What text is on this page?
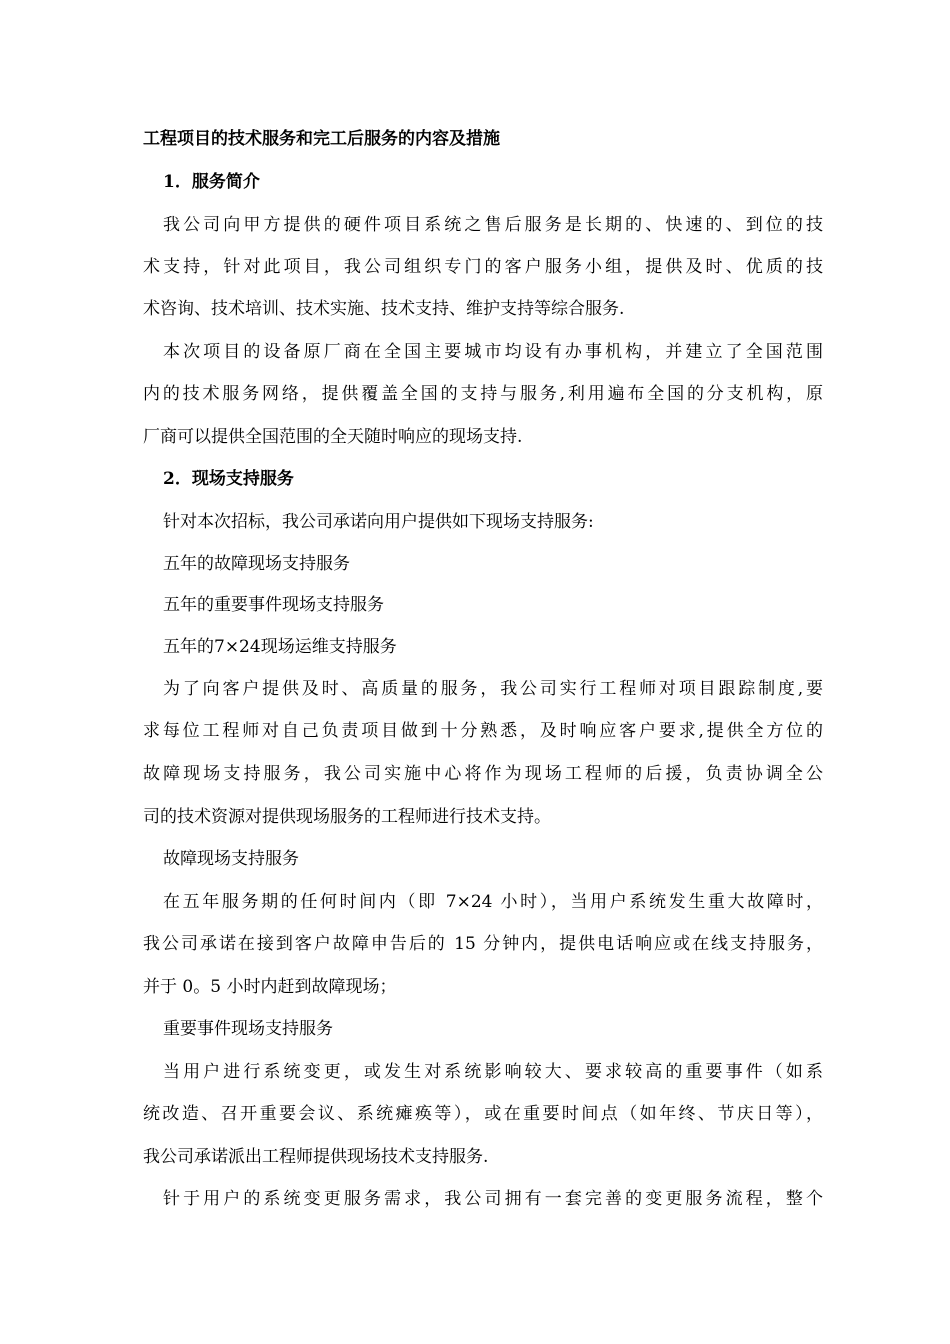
工程项目的技术服务和完工后服务的内容及措施
1．服务简介
我公司向甲方提供的硬件项目系统之售后服务是长期的、快速的、到位的技
术支持，针对此项目，我公司组织专门的客户服务小组，提供及时、优质的技
术咨询、技术培训、技术实施、技术支持、维护支持等综合服务.
本次项目的设备原厂商在全国主要城市均设有办事机构，并建立了全国范围
内的技术服务网络，提供覆盖全国的支持与服务,利用遍布全国的分支机构，原
厂商可以提供全国范围的全天随时响应的现场支持.
2．现场支持服务
针对本次招标，我公司承诺向用户提供如下现场支持服务:
五年的故障现场支持服务
五年的重要事件现场支持服务
五年的7×24现场运维支持服务
为了向客户提供及时、高质量的服务，我公司实行工程师对项目跟踪制度,要
求每位工程师对自己负责项目做到十分熟悉，及时响应客户要求,提供全方位的
故障现场支持服务，我公司实施中心将作为现场工程师的后援，负责协调全公
司的技术资源对提供现场服务的工程师进行技术支持。
故障现场支持服务
在五年服务期的任何时间内（即 7×24 小时），当用户系统发生重大故障时，
我公司承诺在接到客户故障申告后的 15 分钟内，提供电话响应或在线支持服务，
并于 0。5 小时内赶到故障现场；
重要事件现场支持服务
当用户进行系统变更，或发生对系统影响较大、要求较高的重要事件（如系
统改造、召开重要会议、系统瘫痪等），或在重要时间点（如年终、节庆日等），
我公司承诺派出工程师提供现场技术支持服务.
针于用户的系统变更服务需求，我公司拥有一套完善的变更服务流程，整个
